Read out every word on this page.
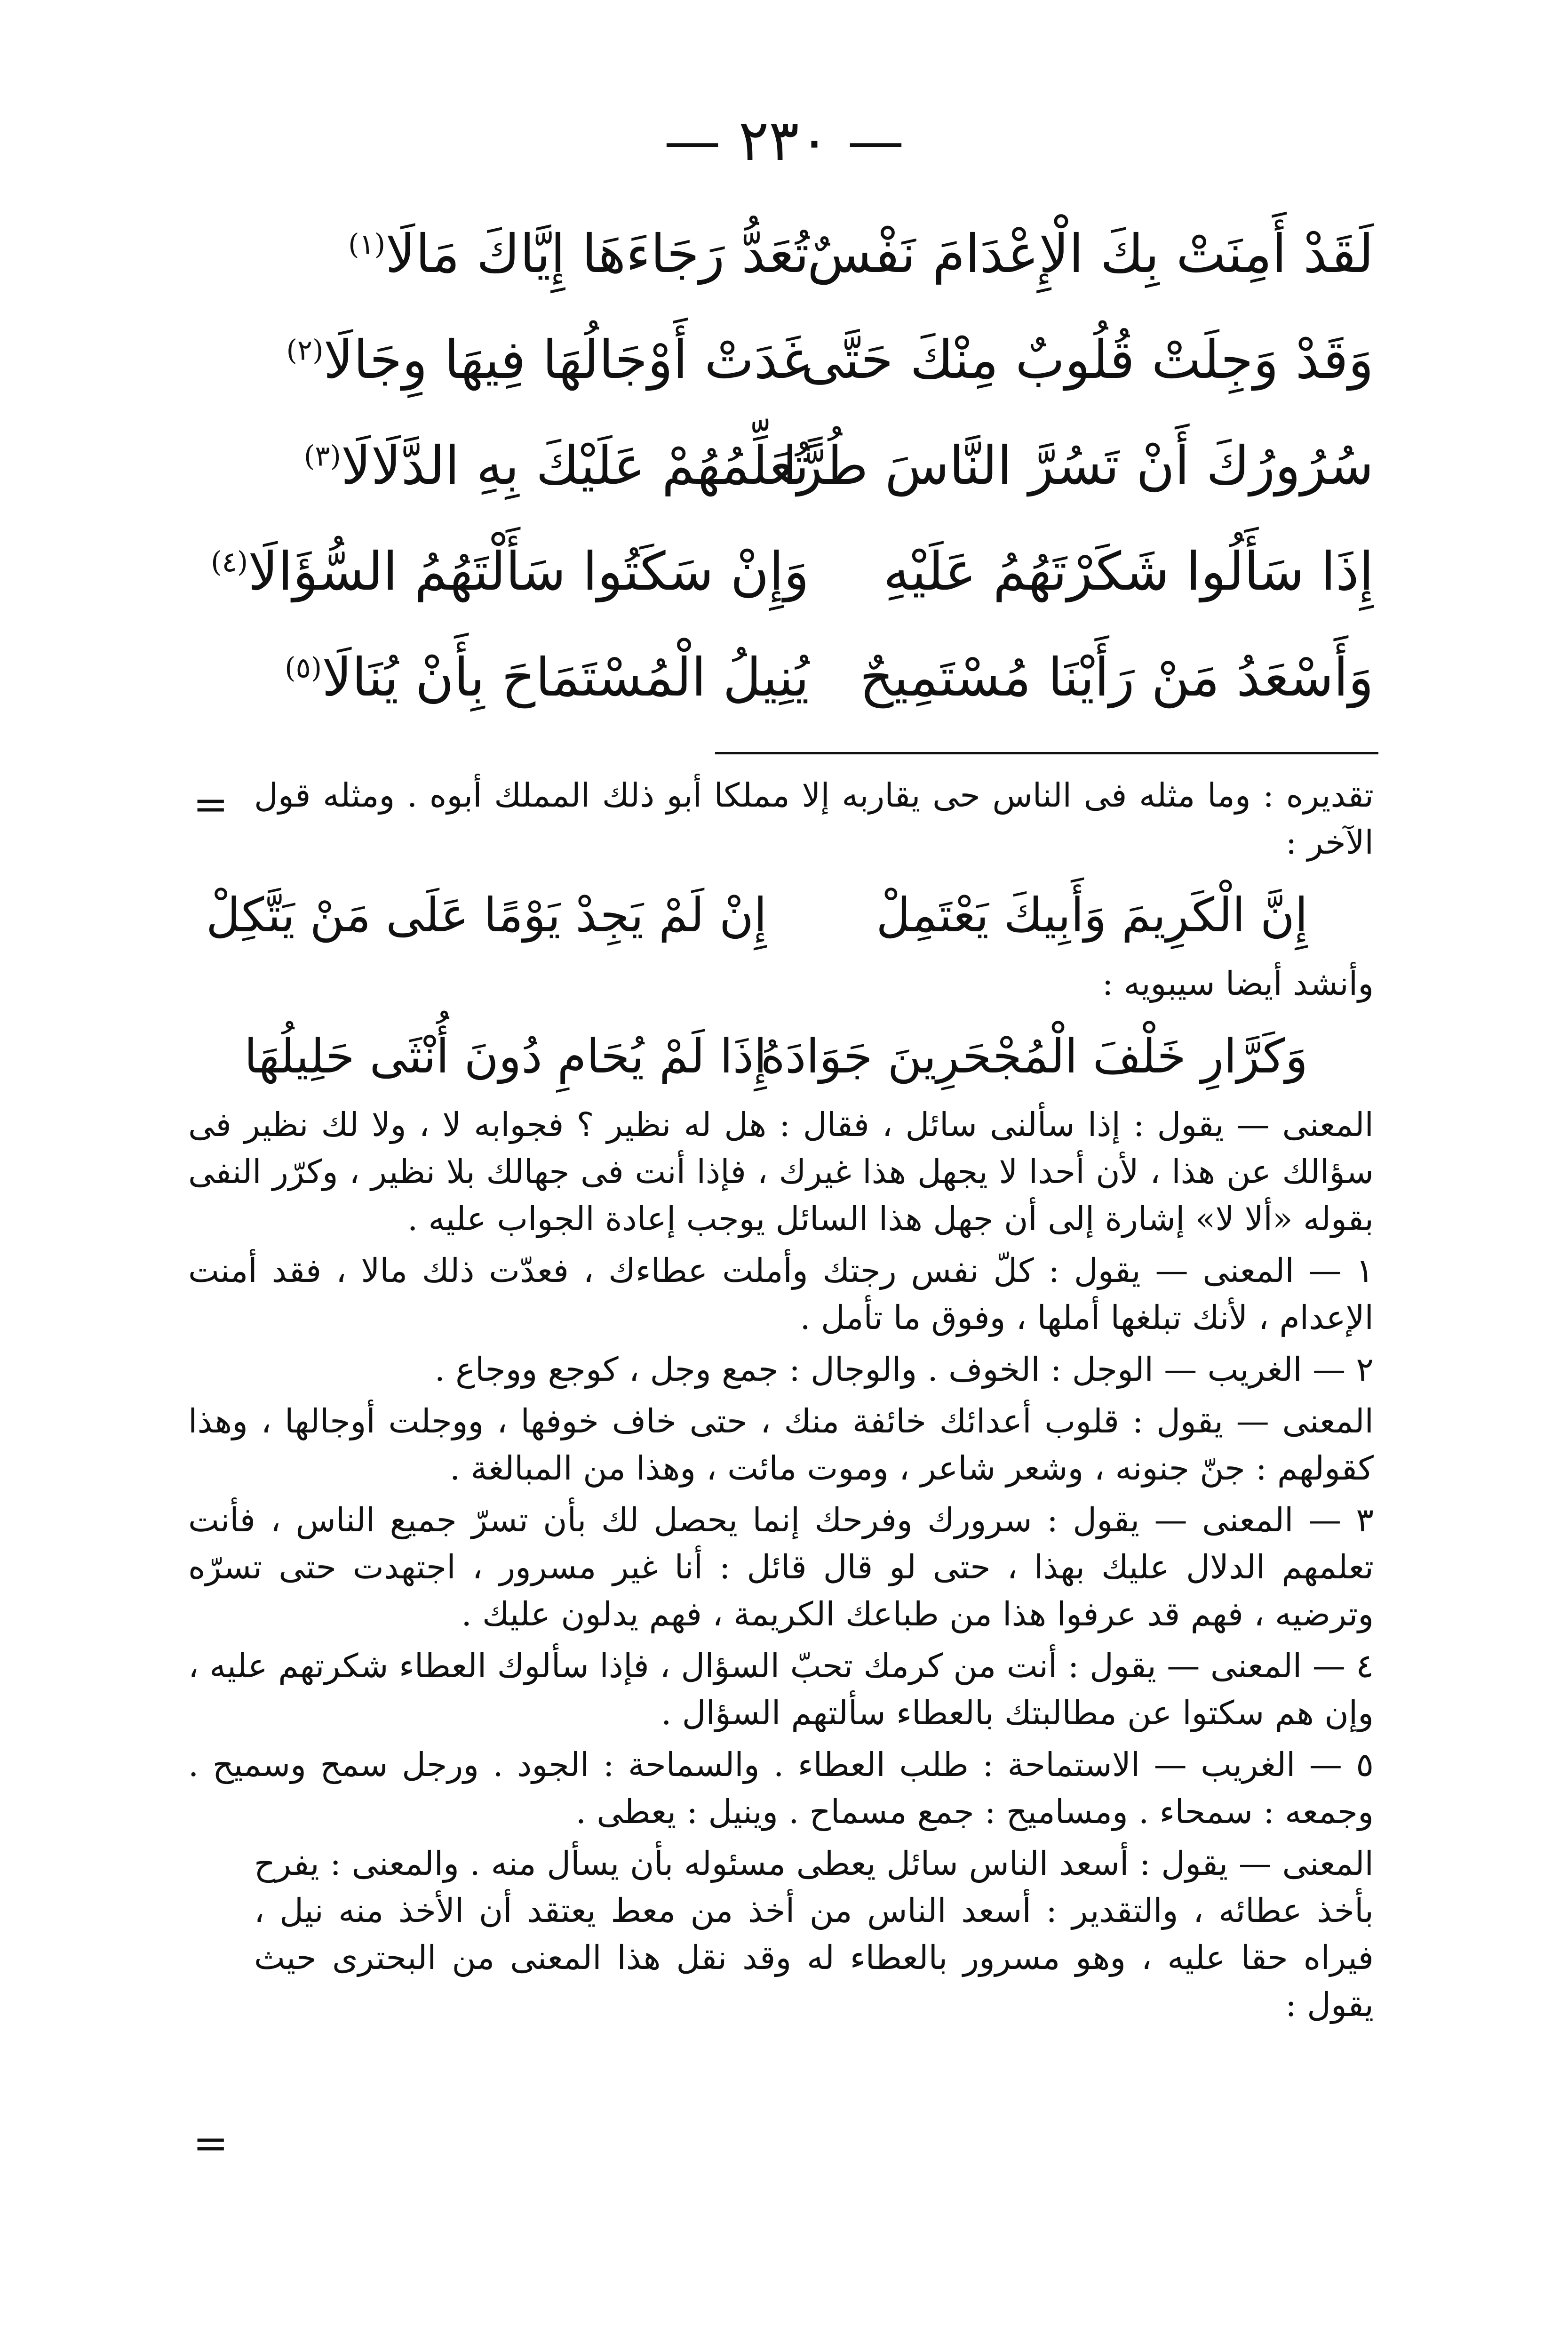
— ٢٣٠ —
لَقَدْ أَمِنَتْ بِكَ الْإِعْدَامَ نَفْسٌ
تُعَدُّ رَجَاءَهَا إِيَّاكَ مَالَا$^{(١)}$
وَقَدْ وَجِلَتْ قُلُوبٌ مِنْكَ حَتَّى
غَدَتْ أَوْجَالُهَا فِيهَا وِجَالَا$^{(٢)}$
سُرُورُكَ أَنْ تَسُرَّ النَّاسَ طُرًّا
تُعَلِّمُهُمْ عَلَيْكَ بِهِ الدَّلَالَا$^{(٣)}$
إِذَا سَأَلُوا شَكَرْتَهُمُ عَلَيْهِ
وَإِنْ سَكَتُوا سَأَلْتَهُمُ السُّؤَالَا$^{(٤)}$
وَأَسْعَدُ مَنْ رَأَيْنَا مُسْتَمِيحٌ
يُنِيلُ الْمُسْتَمَاحَ بِأَنْ يُنَالَا$^{(٥)}$
= تقديره : وما مثله فى الناس حى يقاربه إلا مملكا أبو ذلك المملك أبوه . ومثله قول الآخر :

إِنَّ الْكَرِيمَ وَأَبِيكَ يَعْتَمِلْ
إِنْ لَمْ يَجِدْ يَوْمًا عَلَى مَنْ يَتَّكِلْ

وأنشد أيضا سيبويه :

وَكَرَّارِ خَلْفَ الْمُجْحَرِينَ جَوَادَهُ
إِذَا لَمْ يُحَامِ دُونَ أُنْثَى حَلِيلُهَا

المعنى — يقول : إذا سألنى سائل ، فقال : هل له نظير ؟ فجوابه لا ، ولا لك نظير فى سؤالك عن هذا ، لأن أحدا لا يجهل هذا غيرك ، فإذا أنت فى جهالك بلا نظير ، وكرّر النفى بقوله «ألا لا» إشارة إلى أن جهل هذا السائل يوجب إعادة الجواب عليه .

١ — المعنى — يقول : كلّ نفس رجتك وأملت عطاءك ، فعدّت ذلك مالا ، فقد أمنت الإعدام ، لأنك تبلغها أملها ، وفوق ما تأمل .

٢ — الغريب — الوجل : الخوف . والوجال : جمع وجل ، كوجع ووجاع .

المعنى — يقول : قلوب أعدائك خائفة منك ، حتى خاف خوفها ، ووجلت أوجالها ، وهذا كقولهم : جنّ جنونه ، وشعر شاعر ، وموت مائت ، وهذا من المبالغة .

٣ — المعنى — يقول : سرورك وفرحك إنما يحصل لك بأن تسرّ جميع الناس ، فأنت تعلمهم الدلال عليك بهذا ، حتى لو قال قائل : أنا غير مسرور ، اجتهدت حتى تسرّه وترضيه ، فهم قد عرفوا هذا من طباعك الكريمة ، فهم يدلون عليك .

٤ — المعنى — يقول : أنت من كرمك تحبّ السؤال ، فإذا سألوك العطاء شكرتهم عليه ، وإن هم سكتوا عن مطالبتك بالعطاء سألتهم السؤال .

٥ — الغريب — الاستماحة : طلب العطاء . والسماحة : الجود . ورجل سمح وسميح . وجمعه : سمحاء . ومساميح : جمع مسماح . وينيل : يعطى .

المعنى — يقول : أسعد الناس سائل يعطى مسئوله بأن يسأل منه . والمعنى : يفرح بأخذ عطائه ، والتقدير : أسعد الناس من أخذ من معط يعتقد أن الأخذ منه نيل ، فيراه حقا عليه ، وهو مسرور بالعطاء له وقد نقل هذا المعنى من البحترى حيث يقول :

=
